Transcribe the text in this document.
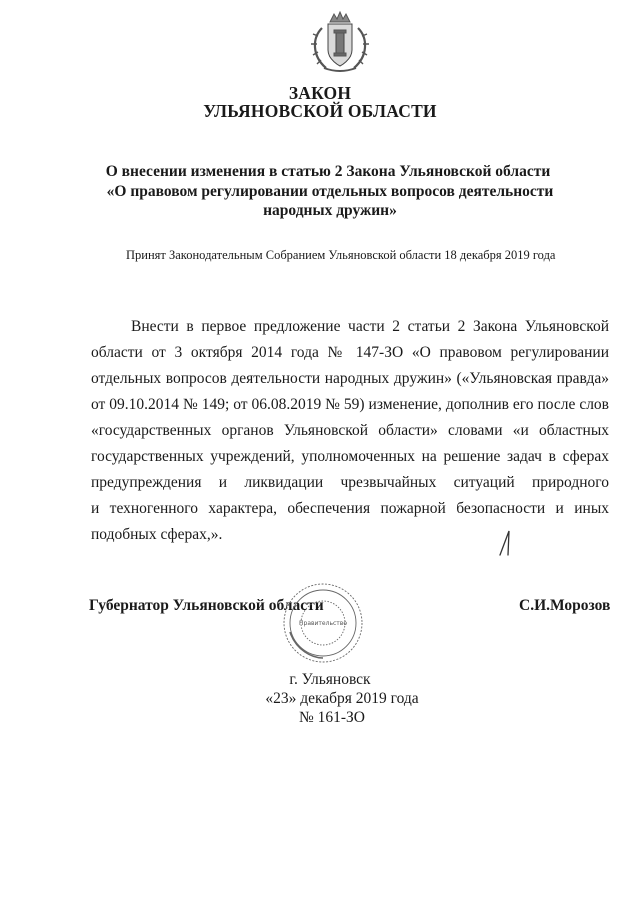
ЗАКОН
УЛЬЯНОВСКОЙ ОБЛАСТИ
О внесении изменения в статью 2 Закона Ульяновской области
«О правовом регулировании отдельных вопросов деятельности
народных дружин»
Принят Законодательным Собранием Ульяновской области 18 декабря 2019 года
Внести в первое предложение части 2 статьи 2 Закона Ульяновской
области от 3 октября 2014 года № 147-ЗО «О правовом регулировании
отдельных вопросов деятельности народных дружин» («Ульяновская правда»
от 09.10.2014 № 149; от 06.08.2019 № 59) изменение, дополнив его после слов
«государственных органов Ульяновской области» словами «и областных
государственных учреждений, уполномоченных на решение задач в сферах
предупреждения и ликвидации чрезвычайных ситуаций природного
и техногенного характера, обеспечения пожарной безопасности и иных
подобных сферах,».
Губернатор Ульяновской области	С.И.Морозов
Правительство
г. Ульяновск
«23» декабря 2019 года
№ 161-ЗО
